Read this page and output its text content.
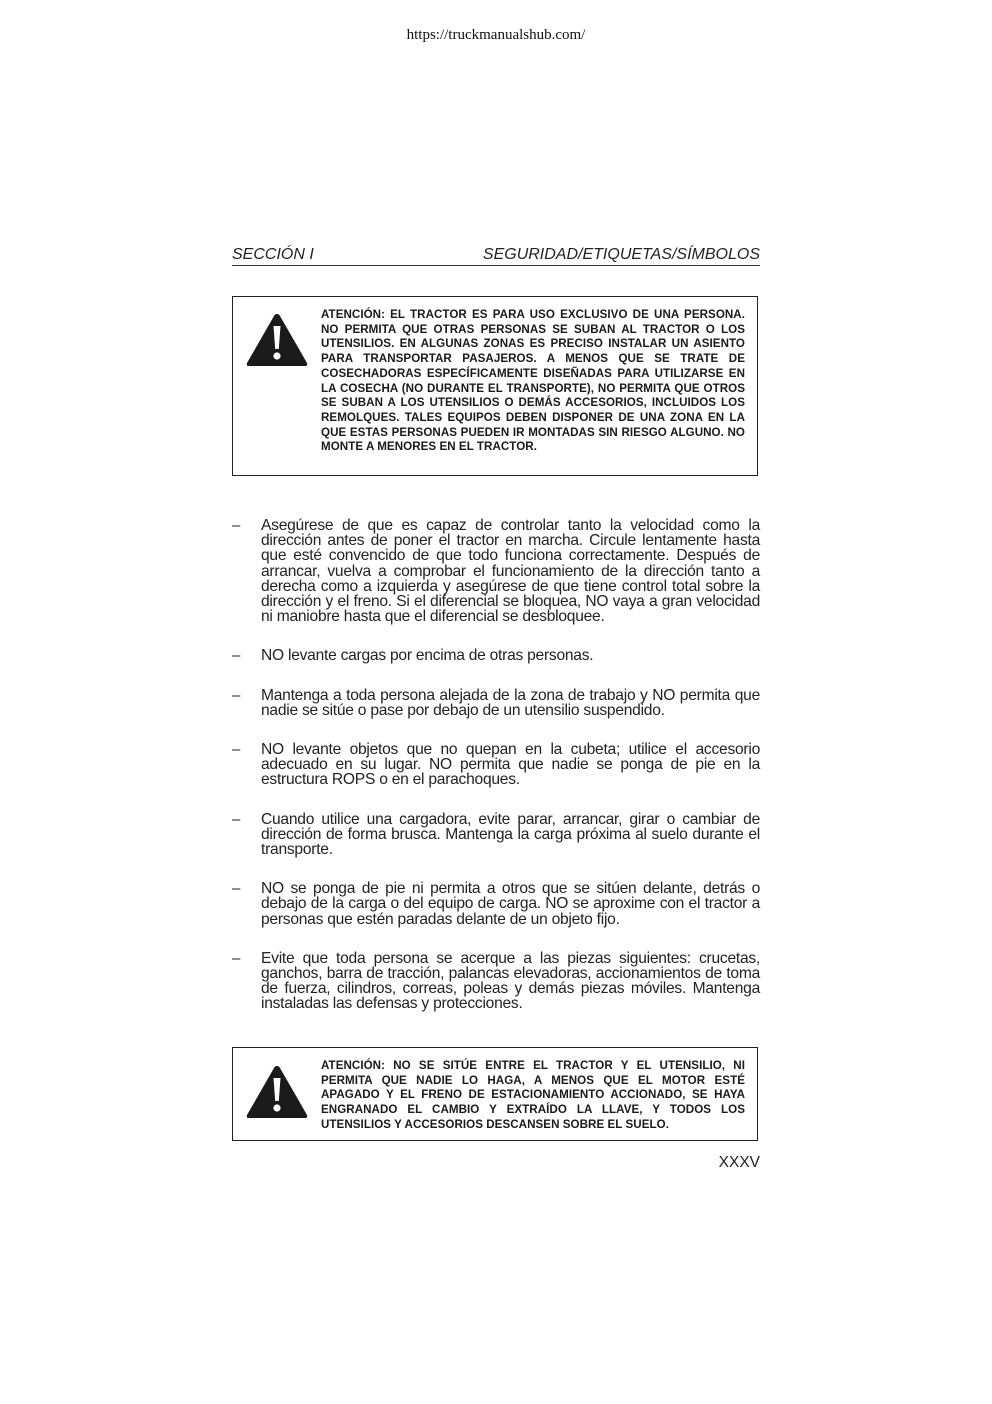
https://truckmanualshub.com/
SECCIÓN I	SEGURIDAD/ETIQUETAS/SÍMBOLOS
ATENCIÓN: EL TRACTOR ES PARA USO EXCLUSIVO DE UNA PERSONA. NO PERMITA QUE OTRAS PERSONAS SE SUBAN AL TRACTOR O LOS UTENSILIOS. EN ALGUNAS ZONAS ES PRECISO INSTALAR UN ASIENTO PARA TRANSPORTAR PASAJEROS. A MENOS QUE SE TRATE DE COSECHADORAS ESPECÍFICAMENTE DISEÑADAS PARA UTILIZARSE EN LA COSECHA (NO DURANTE EL TRANSPORTE), NO PERMITA QUE OTROS SE SUBAN A LOS UTENSILIOS O DEMÁS ACCESORIOS, INCLUIDOS LOS REMOLQUES. TALES EQUIPOS DEBEN DISPONER DE UNA ZONA EN LA QUE ESTAS PERSONAS PUEDEN IR MONTADAS SIN RIESGO ALGUNO. NO MONTE A MENORES EN EL TRACTOR.
–	Asegúrese de que es capaz de controlar tanto la velocidad como la dirección antes de poner el tractor en marcha. Circule lentamente hasta que esté convencido de que todo funciona correctamente. Después de arrancar, vuelva a comprobar el funcionamiento de la dirección tanto a derecha como a izquierda y asegúrese de que tiene control total sobre la dirección y el freno. Si el diferencial se bloquea, NO vaya a gran velocidad ni maniobre hasta que el diferencial se desbloquee.
–	NO levante cargas por encima de otras personas.
–	Mantenga a toda persona alejada de la zona de trabajo y NO permita que nadie se sitúe o pase por debajo de un utensilio suspendido.
–	NO levante objetos que no quepan en la cubeta; utilice el accesorio adecuado en su lugar. NO permita que nadie se ponga de pie en la estructura ROPS o en el parachoques.
–	Cuando utilice una cargadora, evite parar, arrancar, girar o cambiar de dirección de forma brusca. Mantenga la carga próxima al suelo durante el transporte.
–	NO se ponga de pie ni permita a otros que se sitúen delante, detrás o debajo de la carga o del equipo de carga. NO se aproxime con el tractor a personas que estén paradas delante de un objeto fijo.
–	Evite que toda persona se acerque a las piezas siguientes: crucetas, ganchos, barra de tracción, palancas elevadoras, accionamientos de toma de fuerza, cilindros, correas, poleas y demás piezas móviles. Mantenga instaladas las defensas y protecciones.
ATENCIÓN: NO SE SITÚE ENTRE EL TRACTOR Y EL UTENSILIO, NI PERMITA QUE NADIE LO HAGA, A MENOS QUE EL MOTOR ESTÉ APAGADO Y EL FRENO DE ESTACIONAMIENTO ACCIONADO, SE HAYA ENGRANADO EL CAMBIO Y EXTRAÍDO LA LLAVE, Y TODOS LOS UTENSILIOS Y ACCESORIOS DESCANSEN SOBRE EL SUELO.
XXXV
